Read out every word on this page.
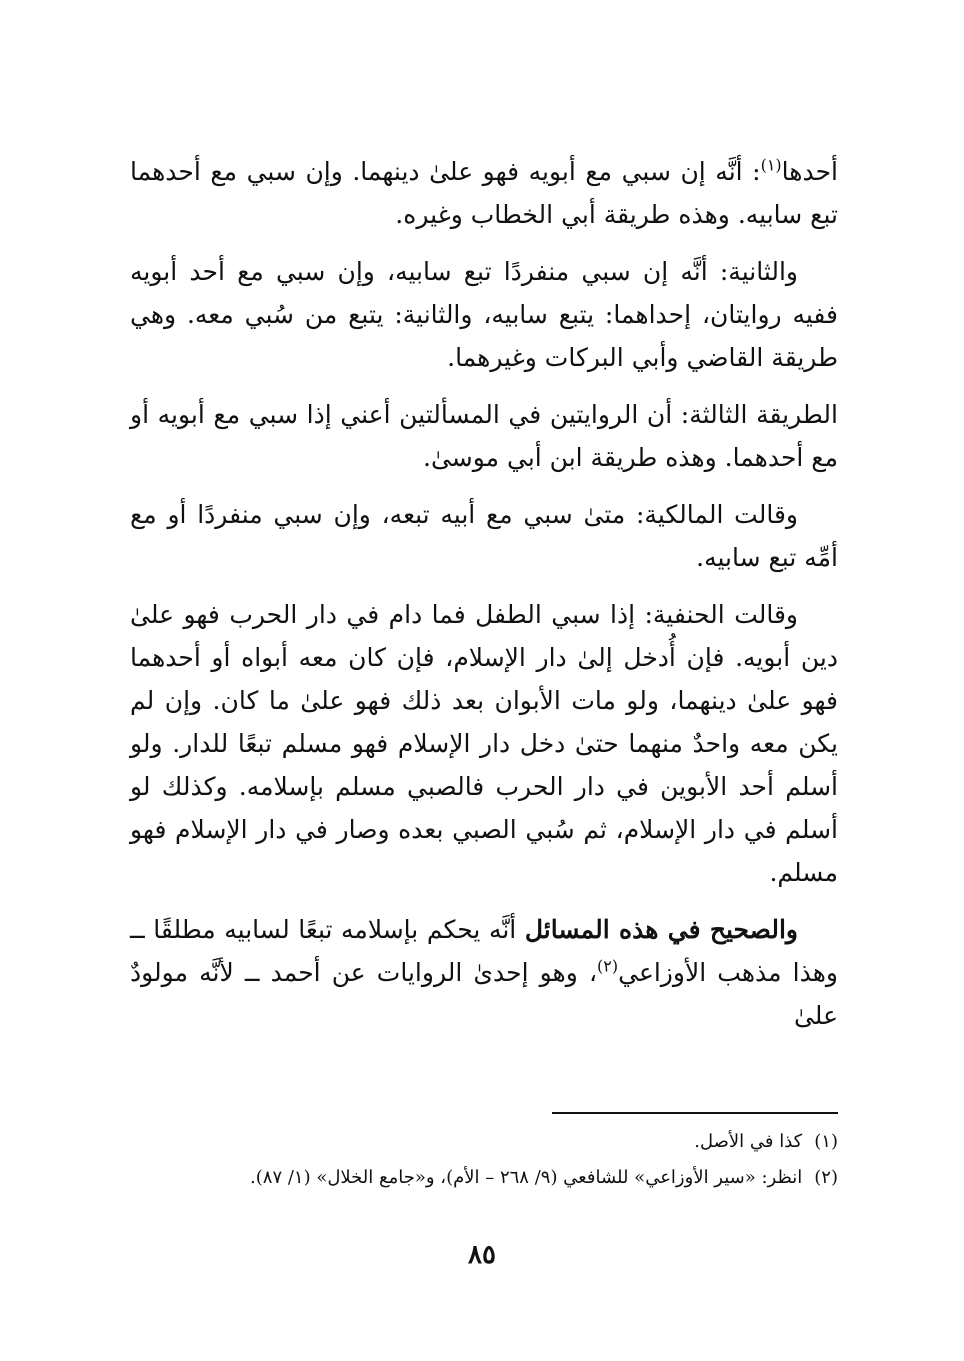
أحدها$^{(١)}$: أنَّه إن سبي مع أبويه فهو علىٰ دينهما. وإن سبي مع أحدهما تبع سابيه. وهذه طريقة أبي الخطاب وغيره.

والثانية: أنَّه إن سبي منفردًا تبع سابيه، وإن سبي مع أحد أبويه ففيه روايتان، إحداهما: يتبع سابيه، والثانية: يتبع من سُبي معه. وهي طريقة القاضي وأبي البركات وغيرهما.

الطريقة الثالثة: أن الروايتين في المسألتين أعني إذا سبي مع أبويه أو مع أحدهما. وهذه طريقة ابن أبي موسىٰ.

وقالت المالكية: متىٰ سبي مع أبيه تبعه، وإن سبي منفردًا أو مع أمِّه تبع سابيه.

وقالت الحنفية: إذا سبي الطفل فما دام في دار الحرب فهو علىٰ دين أبويه. فإن أُدخل إلىٰ دار الإسلام، فإن كان معه أبواه أو أحدهما فهو علىٰ دينهما، ولو مات الأبوان بعد ذلك فهو علىٰ ما كان. وإن لم يكن معه واحدٌ منهما حتىٰ دخل دار الإسلام فهو مسلم تبعًا للدار. ولو أسلم أحد الأبوين في دار الحرب فالصبي مسلم بإسلامه. وكذلك لو أسلم في دار الإسلام، ثم سُبي الصبي بعده وصار في دار الإسلام فهو مسلم.

والصحيح في هذه المسائل أنَّه يحكم بإسلامه تبعًا لسابيه مطلقًا ــ وهذا مذهب الأوزاعي$^{(٢)}$، وهو إحدىٰ الروايات عن أحمد ــ لأنَّه مولودٌ علىٰ

(١)كذا في الأصل.

(٢)انظر: «سير الأوزاعي» للشافعي (٩/ ٢٦٨ – الأم)، و«جامع الخلال» (١/ ٨٧).

٨٥
